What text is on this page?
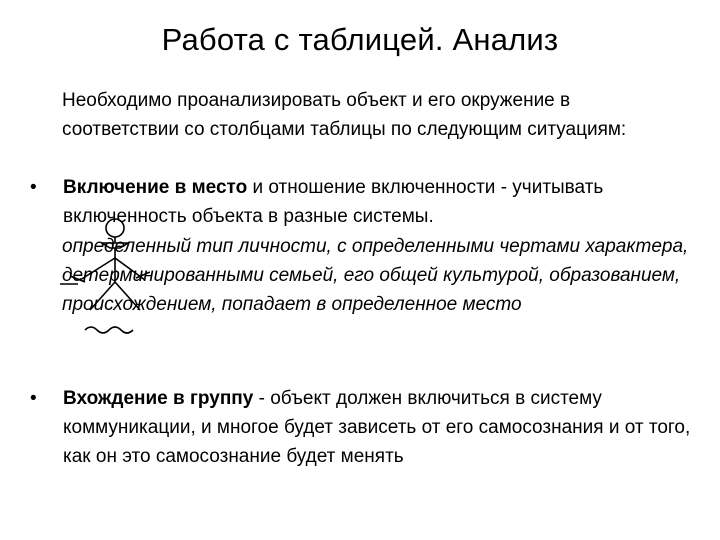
Работа с таблицей. Анализ
Необходимо проанализировать объект и его окружение в соответствии со столбцами таблицы по следующим ситуациям:
•	Включение в место и отношение включенности - учитывать включенность объекта в разные системы.
определенный тип личности, с определенными чертами характера, детерминированными семьей, его общей культурой, образованием, происхождением, попадает в определенное место
•	Вхождение в группу - объект должен включиться в систему коммуникации, и многое будет зависеть от его самосознания и от того, как он это самосознание будет менять
